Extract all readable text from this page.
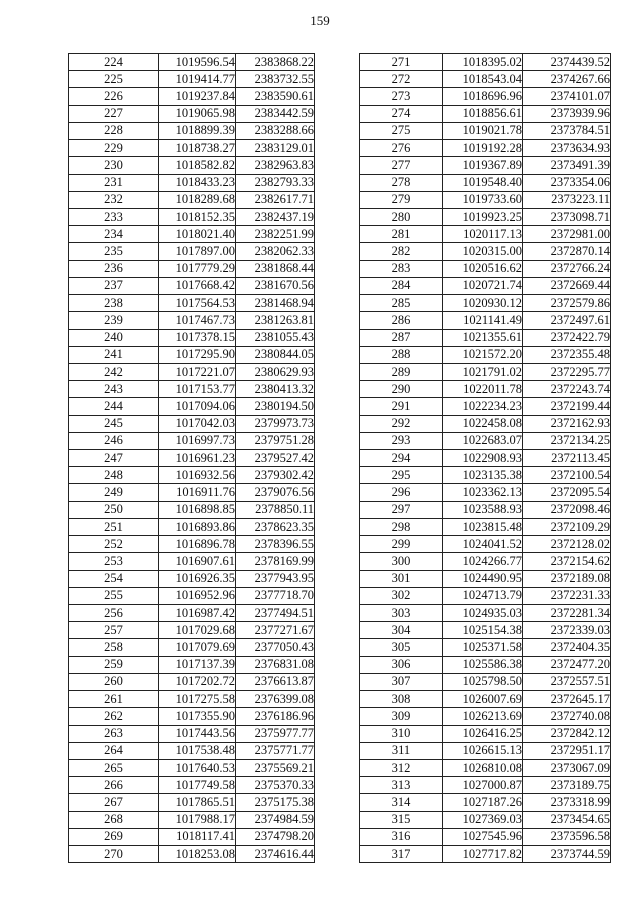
159
224	1019596.54	2383868.22
225	1019414.77	2383732.55
226	1019237.84	2383590.61
227	1019065.98	2383442.59
228	1018899.39	2383288.66
229	1018738.27	2383129.01
230	1018582.82	2382963.83
231	1018433.23	2382793.33
232	1018289.68	2382617.71
233	1018152.35	2382437.19
234	1018021.40	2382251.99
235	1017897.00	2382062.33
236	1017779.29	2381868.44
237	1017668.42	2381670.56
238	1017564.53	2381468.94
239	1017467.73	2381263.81
240	1017378.15	2381055.43
241	1017295.90	2380844.05
242	1017221.07	2380629.93
243	1017153.77	2380413.32
244	1017094.06	2380194.50
245	1017042.03	2379973.73
246	1016997.73	2379751.28
247	1016961.23	2379527.42
248	1016932.56	2379302.42
249	1016911.76	2379076.56
250	1016898.85	2378850.11
251	1016893.86	2378623.35
252	1016896.78	2378396.55
253	1016907.61	2378169.99
254	1016926.35	2377943.95
255	1016952.96	2377718.70
256	1016987.42	2377494.51
257	1017029.68	2377271.67
258	1017079.69	2377050.43
259	1017137.39	2376831.08
260	1017202.72	2376613.87
261	1017275.58	2376399.08
262	1017355.90	2376186.96
263	1017443.56	2375977.77
264	1017538.48	2375771.77
265	1017640.53	2375569.21
266	1017749.58	2375370.33
267	1017865.51	2375175.38
268	1017988.17	2374984.59
269	1018117.41	2374798.20
270	1018253.08	2374616.44
271	1018395.02	2374439.52
272	1018543.04	2374267.66
273	1018696.96	2374101.07
274	1018856.61	2373939.96
275	1019021.78	2373784.51
276	1019192.28	2373634.93
277	1019367.89	2373491.39
278	1019548.40	2373354.06
279	1019733.60	2373223.11
280	1019923.25	2373098.71
281	1020117.13	2372981.00
282	1020315.00	2372870.14
283	1020516.62	2372766.24
284	1020721.74	2372669.44
285	1020930.12	2372579.86
286	1021141.49	2372497.61
287	1021355.61	2372422.79
288	1021572.20	2372355.48
289	1021791.02	2372295.77
290	1022011.78	2372243.74
291	1022234.23	2372199.44
292	1022458.08	2372162.93
293	1022683.07	2372134.25
294	1022908.93	2372113.45
295	1023135.38	2372100.54
296	1023362.13	2372095.54
297	1023588.93	2372098.46
298	1023815.48	2372109.29
299	1024041.52	2372128.02
300	1024266.77	2372154.62
301	1024490.95	2372189.08
302	1024713.79	2372231.33
303	1024935.03	2372281.34
304	1025154.38	2372339.03
305	1025371.58	2372404.35
306	1025586.38	2372477.20
307	1025798.50	2372557.51
308	1026007.69	2372645.17
309	1026213.69	2372740.08
310	1026416.25	2372842.12
311	1026615.13	2372951.17
312	1026810.08	2373067.09
313	1027000.87	2373189.75
314	1027187.26	2373318.99
315	1027369.03	2373454.65
316	1027545.96	2373596.58
317	1027717.82	2373744.59
